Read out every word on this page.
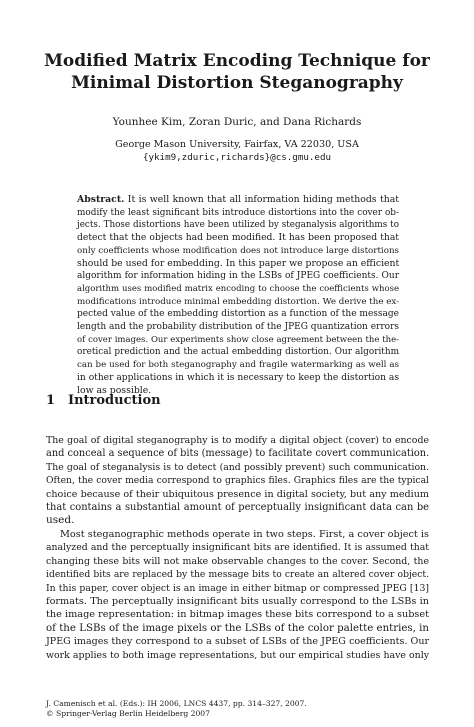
Modified Matrix Encoding Technique for
Minimal Distortion Steganography
Younhee Kim, Zoran Duric, and Dana Richards
George Mason University, Fairfax, VA 22030, USA
{ykim9,zduric,richards}@cs.gmu.edu
Abstract. It is well known that all information hiding methods that
modify the least significant bits introduce distortions into the cover ob-
jects. Those distortions have been utilized by steganalysis algorithms to
detect that the objects had been modified. It has been proposed that
only coefficients whose modification does not introduce large distortions
should be used for embedding. In this paper we propose an efficient
algorithm for information hiding in the LSBs of JPEG coefficients. Our
algorithm uses modified matrix encoding to choose the coefficients whose
modifications introduce minimal embedding distortion. We derive the ex-
pected value of the embedding distortion as a function of the message
length and the probability distribution of the JPEG quantization errors
of cover images. Our experiments show close agreement between the the-
oretical prediction and the actual embedding distortion. Our algorithm
can be used for both steganography and fragile watermarking as well as
in other applications in which it is necessary to keep the distortion as
low as possible.
1 Introduction
The goal of digital steganography is to modify a digital object (cover) to encode
and conceal a sequence of bits (message) to facilitate covert communication.
The goal of steganalysis is to detect (and possibly prevent) such communication.
Often, the cover media correspond to graphics files. Graphics files are the typical
choice because of their ubiquitous presence in digital society, but any medium
that contains a substantial amount of perceptually insignificant data can be
used.
Most steganographic methods operate in two steps. First, a cover object is
analyzed and the perceptually insignificant bits are identified. It is assumed that
changing these bits will not make observable changes to the cover. Second, the
identified bits are replaced by the message bits to create an altered cover object.
In this paper, cover object is an image in either bitmap or compressed JPEG [13]
formats. The perceptually insignificant bits usually correspond to the LSBs in
the image representation: in bitmap images these bits correspond to a subset
of the LSBs of the image pixels or the LSBs of the color palette entries, in
JPEG images they correspond to a subset of LSBs of the JPEG coefficients. Our
work applies to both image representations, but our empirical studies have only
J. Camenisch et al. (Eds.): IH 2006, LNCS 4437, pp. 314–327, 2007.
© Springer-Verlag Berlin Heidelberg 2007
